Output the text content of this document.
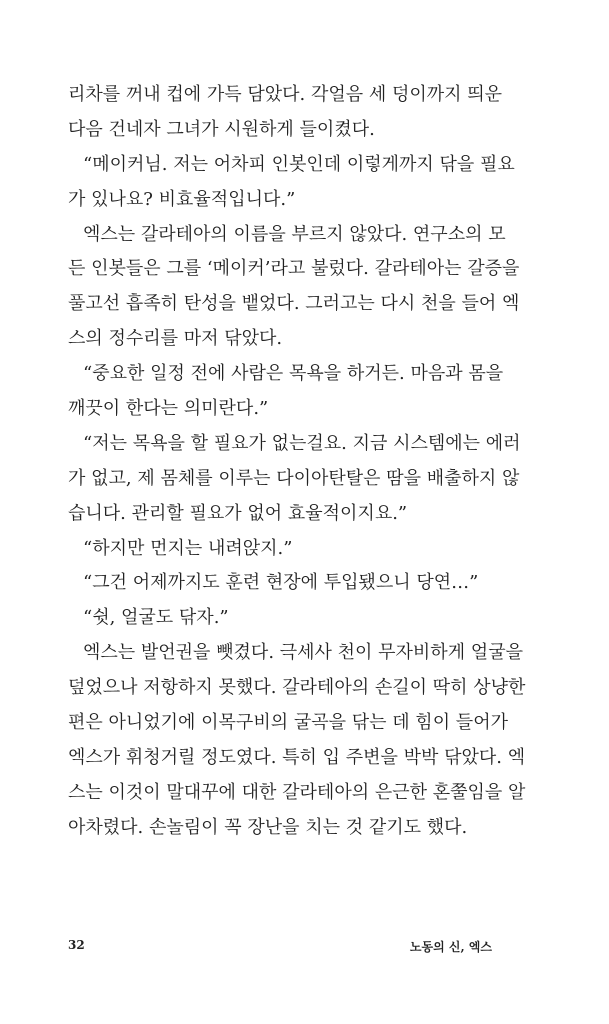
리차를 꺼내 컵에 가득 담았다. 각얼음 세 덩이까지 띄운
다음 건네자 그녀가 시원하게 들이켰다.
“메이커님. 저는 어차피 인봇인데 이렇게까지 닦을 필요
가 있나요? 비효율적입니다.”
엑스는 갈라테아의 이름을 부르지 않았다. 연구소의 모
든 인봇들은 그를 ‘메이커’라고 불렀다. 갈라테아는 갈증을
풀고선 흡족히 탄성을 뱉었다. 그러고는 다시 천을 들어 엑
스의 정수리를 마저 닦았다.
“중요한 일정 전에 사람은 목욕을 하거든. 마음과 몸을
깨끗이 한다는 의미란다.”
“저는 목욕을 할 필요가 없는걸요. 지금 시스템에는 에러
가 없고, 제 몸체를 이루는 다이아탄탈은 땀을 배출하지 않
습니다. 관리할 필요가 없어 효율적이지요.”
“하지만 먼지는 내려앉지.”
“그건 어제까지도 훈련 현장에 투입됐으니 당연…”
“쉿, 얼굴도 닦자.”
엑스는 발언권을 뺏겼다. 극세사 천이 무자비하게 얼굴을
덮었으나 저항하지 못했다. 갈라테아의 손길이 딱히 상냥한
편은 아니었기에 이목구비의 굴곡을 닦는 데 힘이 들어가
엑스가 휘청거릴 정도였다. 특히 입 주변을 박박 닦았다. 엑
스는 이것이 말대꾸에 대한 갈라테아의 은근한 혼쭐임을 알
아차렸다. 손놀림이 꼭 장난을 치는 것 같기도 했다.
32	노동의 신, 엑스
